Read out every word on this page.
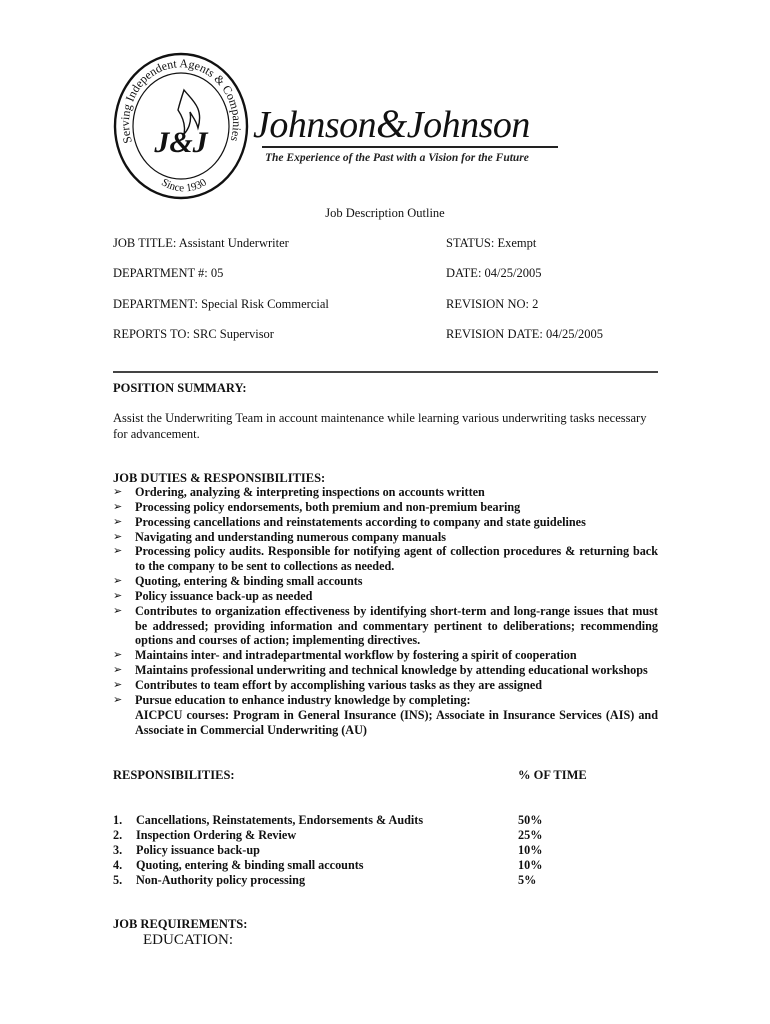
Serving Independent Agents & Companies
Since 1930
J&J Johnson&Johnson
The Experience of the Past with a Vision for the Future
Job Description Outline
JOB TITLE: Assistant Underwriter	STATUS: Exempt
DEPARTMENT #: 05	DATE: 04/25/2005
DEPARTMENT: Special Risk Commercial	REVISION NO: 2
REPORTS TO: SRC Supervisor	REVISION DATE: 04/25/2005
POSITION SUMMARY:
Assist the Underwriting Team in account maintenance while learning various underwriting tasks necessary for advancement.
JOB DUTIES & RESPONSIBILITIES:
➢ Ordering, analyzing & interpreting inspections on accounts written
➢ Processing policy endorsements, both premium and non-premium bearing
➢ Processing cancellations and reinstatements according to company and state guidelines
➢ Navigating and understanding numerous company manuals
➢ Processing policy audits. Responsible for notifying agent of collection procedures & returning back to the company to be sent to collections as needed.
➢ Quoting, entering & binding small accounts
➢ Policy issuance back-up as needed
➢ Contributes to organization effectiveness by identifying short-term and long-range issues that must be addressed; providing information and commentary pertinent to deliberations; recommending options and courses of action; implementing directives.
➢ Maintains inter- and intradepartmental workflow by fostering a spirit of cooperation
➢ Maintains professional underwriting and technical knowledge by attending educational workshops
➢ Contributes to team effort by accomplishing various tasks as they are assigned
➢ Pursue education to enhance industry knowledge by completing:
AICPCU courses: Program in General Insurance (INS); Associate in Insurance Services (AIS) and Associate in Commercial Underwriting (AU)
RESPONSIBILITIES:	% OF TIME
1. Cancellations, Reinstatements, Endorsements & Audits	50%
2. Inspection Ordering & Review	25%
3. Policy issuance back-up	10%
4. Quoting, entering & binding small accounts	10%
5. Non-Authority policy processing	5%
JOB REQUIREMENTS:
EDUCATION:
